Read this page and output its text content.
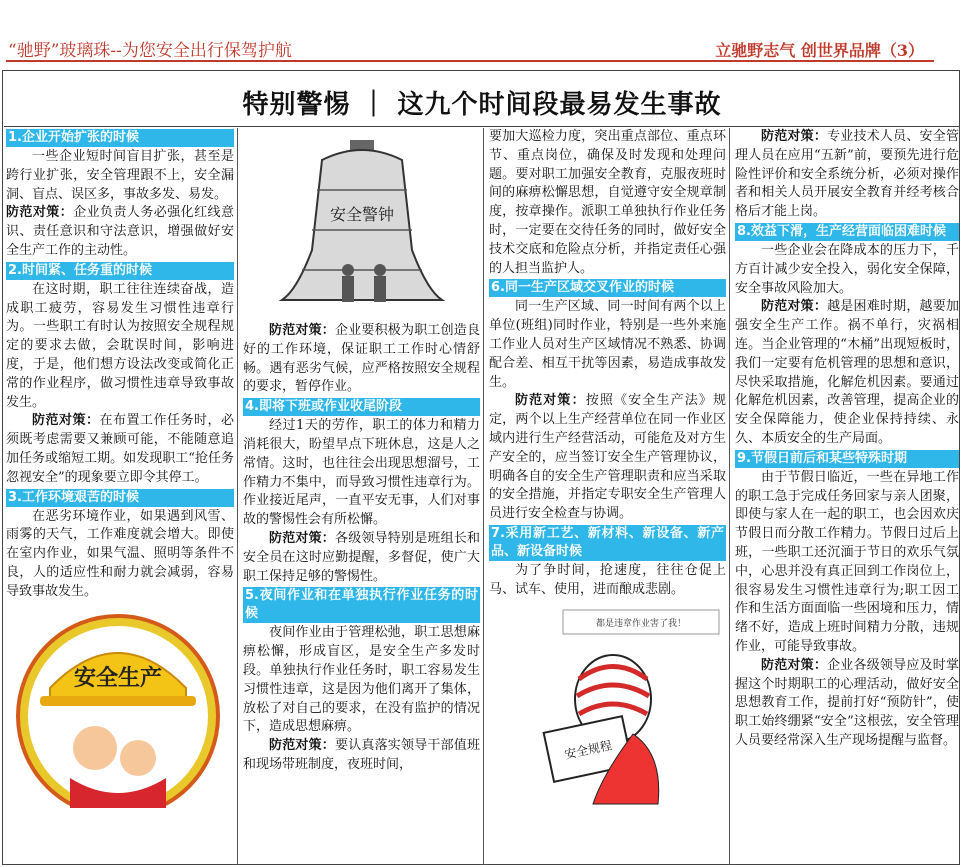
“驰野”玻璃珠--为您安全出行保驾护航	立驰野志气 创世界品牌（3）
特别警惕 ｜ 这九个时间段最易发生事故
1.企业开始扩张的时候

一些企业短时间盲目扩张，甚至是跨行业扩张，安全管理跟不上，安全漏洞、盲点、误区多，事故多发、易发。

防范对策：企业负责人务必强化红线意识、责任意识和守法意识，增强做好安全生产工作的主动性。

2.时间紧、任务重的时候

在这时期，职工往往连续奋战，造成职工疲劳，容易发生习惯性违章行为。一些职工有时认为按照安全规程规定的要求去做，会耽误时间，影响进度，于是，他们想方设法改变或简化正常的作业程序，做习惯性违章导致事故发生。

防范对策：在布置工作任务时，必须既考虑需要又兼顾可能，不能随意追加任务或缩短工期。如发现职工“抢任务忽视安全”的现象要立即令其停工。

3.工作环境艰苦的时候

在恶劣环境作业，如果遇到风雪、雨雾的天气，工作难度就会增大。即使在室内作业，如果气温、照明等条件不良，人的适应性和耐力就会减弱，容易导致事故发生。

安全生产
安全警钟

防范对策：企业要积极为职工创造良好的工作环境，保证职工工作时心情舒畅。遇有恶劣气候，应严格按照安全规程的要求，暂停作业。

4.即将下班或作业收尾阶段

经过1天的劳作，职工的体力和精力消耗很大，盼望早点下班休息，这是人之常情。这时，也往往会出现思想溜号，工作精力不集中，而导致习惯性违章行为。作业接近尾声，一直平安无事，人们对事故的警惕性会有所松懈。

防范对策：各级领导特别是班组长和安全员在这时应勤提醒，多督促，使广大职工保持足够的警惕性。

5.夜间作业和在单独执行作业任务的时候

夜间作业由于管理松弛，职工思想麻痹松懈，形成盲区，是安全生产多发时段。单独执行作业任务时，职工容易发生习惯性违章，这是因为他们离开了集体，放松了对自己的要求，在没有监护的情况下，造成思想麻痹。

防范对策：要认真落实领导干部值班和现场带班制度，夜班时间，

要加大巡检力度，突出重点部位、重点环节、重点岗位，确保及时发现和处理问题。要对职工加强安全教育，克服夜班时间的麻痹松懈思想，自觉遵守安全规章制度，按章操作。派职工单独执行作业任务时，一定要在交待任务的同时，做好安全技术交底和危险点分析，并指定责任心强的人担当监护人。

6.同一生产区域交叉作业的时候

同一生产区域、同一时间有两个以上单位(班组)同时作业，特别是一些外来施工作业人员对生产区域情况不熟悉、协调配合差、相互干扰等因素，易造成事故发生。

防范对策：按照《安全生产法》规定，两个以上生产经营单位在同一作业区域内进行生产经营活动，可能危及对方生产安全的，应当签订安全生产管理协议，明确各自的安全生产管理职责和应当采取的安全措施，并指定专职安全生产管理人员进行安全检查与协调。

7.采用新工艺、新材料、新设备、新产品、新设备时候

为了争时间，抢速度，往往仓促上马、试车、使用，进而酿成悲剧。

都是违章作业害了我！
安全规程

防范对策：专业技术人员、安全管理人员在应用“五新”前，要预先进行危险性评价和安全系统分析，必须对操作者和相关人员开展安全教育并经考核合格后才能上岗。

8.效益下滑，生产经营面临困难时候

一些企业会在降成本的压力下，千方百计减少安全投入，弱化安全保障，安全事故风险加大。

防范对策：越是困难时期，越要加强安全生产工作。祸不单行，灾祸相连。当企业管理的“木桶”出现短板时，我们一定要有危机管理的思想和意识，尽快采取措施，化解危机因素。要通过化解危机因素，改善管理，提高企业的安全保障能力，使企业保持持续、永久、本质安全的生产局面。

9.节假日前后和某些特殊时期

由于节假日临近，一些在异地工作的职工急于完成任务回家与亲人团聚，即使与家人在一起的职工，也会因欢庆节假日而分散工作精力。节假日过后上班，一些职工还沉湎于节日的欢乐气氛中，心思并没有真正回到工作岗位上，很容易发生习惯性违章行为;职工因工作和生活方面面临一些困境和压力，情绪不好，造成上班时间精力分散，违规作业，可能导致事故。

防范对策：企业各级领导应及时掌握这个时期职工的心理活动，做好安全思想教育工作，提前打好“预防针”，使职工始终绷紧“安全”这根弦，安全管理人员要经常深入生产现场提醒与监督。
